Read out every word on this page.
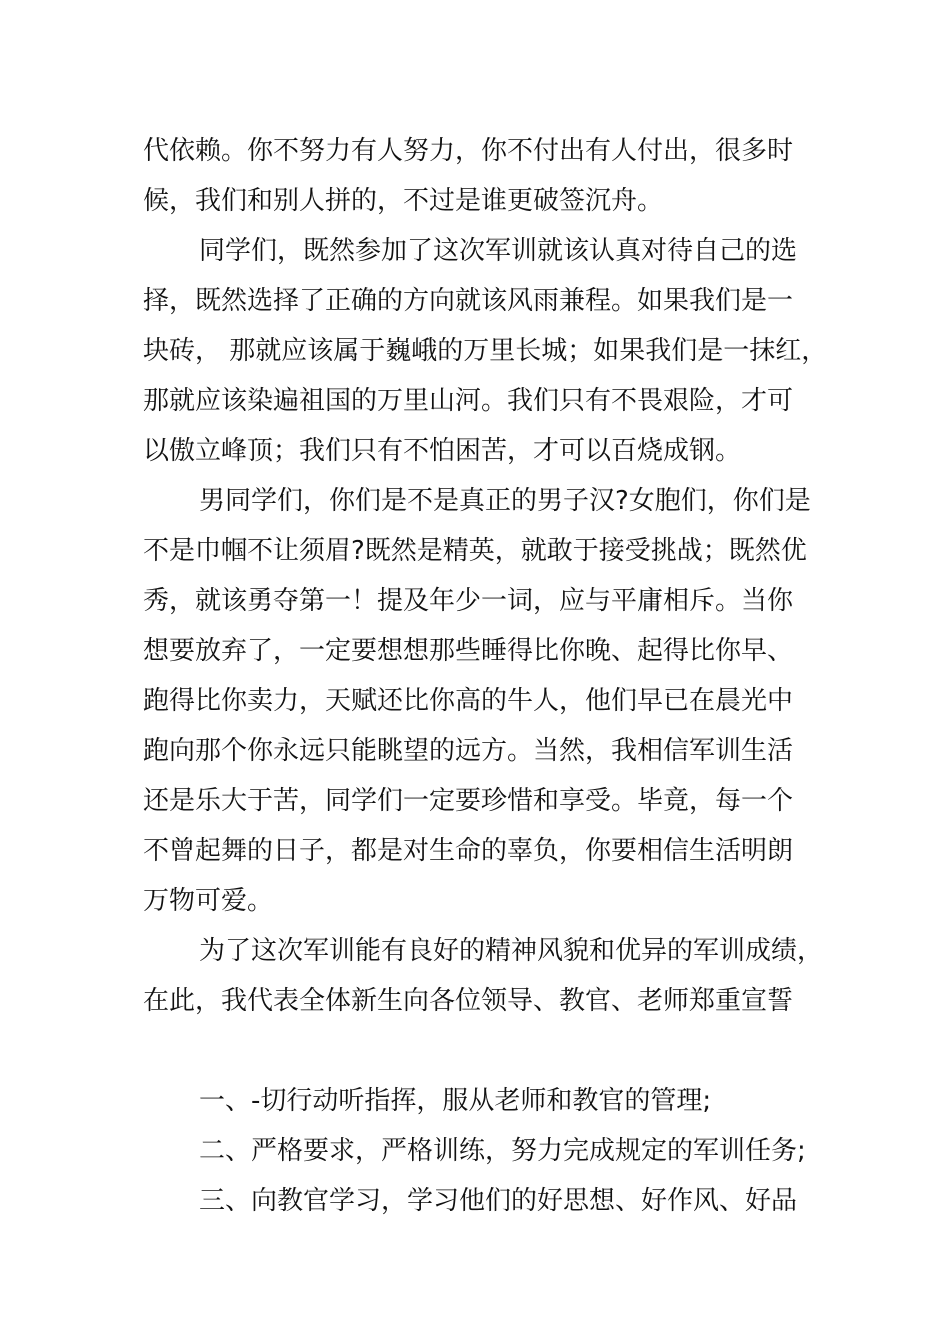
代依赖。你不努力有人努力，你不付出有人付出，很多时
候，我们和别人拼的，不过是谁更破签沉舟。
同学们，既然参加了这次军训就该认真对待自己的选
择，既然选择了正确的方向就该风雨兼程。如果我们是一
块砖， 那就应该属于巍峨的万里长城；如果我们是一抹红，
那就应该染遍祖国的万里山河。我们只有不畏艰险，才可
以傲立峰顶；我们只有不怕困苦，才可以百烧成钢。
男同学们，你们是不是真正的男子汉?女胞们，你们是
不是巾帼不让须眉?既然是精英，就敢于接受挑战；既然优
秀，就该勇夺第一！提及年少一词，应与平庸相斥。当你
想要放弃了，一定要想想那些睡得比你晚、起得比你早、
跑得比你卖力，天赋还比你高的牛人，他们早已在晨光中
跑向那个你永远只能眺望的远方。当然，我相信军训生活
还是乐大于苦，同学们一定要珍惜和享受。毕竟，每一个
不曾起舞的日子，都是对生命的辜负，你要相信生活明朗
万物可爱。
为了这次军训能有良好的精神风貌和优异的军训成绩，
在此，我代表全体新生向各位领导、教官、老师郑重宣誓
一、-切行动听指挥，服从老师和教官的管理;
二、严格要求，严格训练，努力完成规定的军训任务;
三、向教官学习，学习他们的好思想、好作风、好品
